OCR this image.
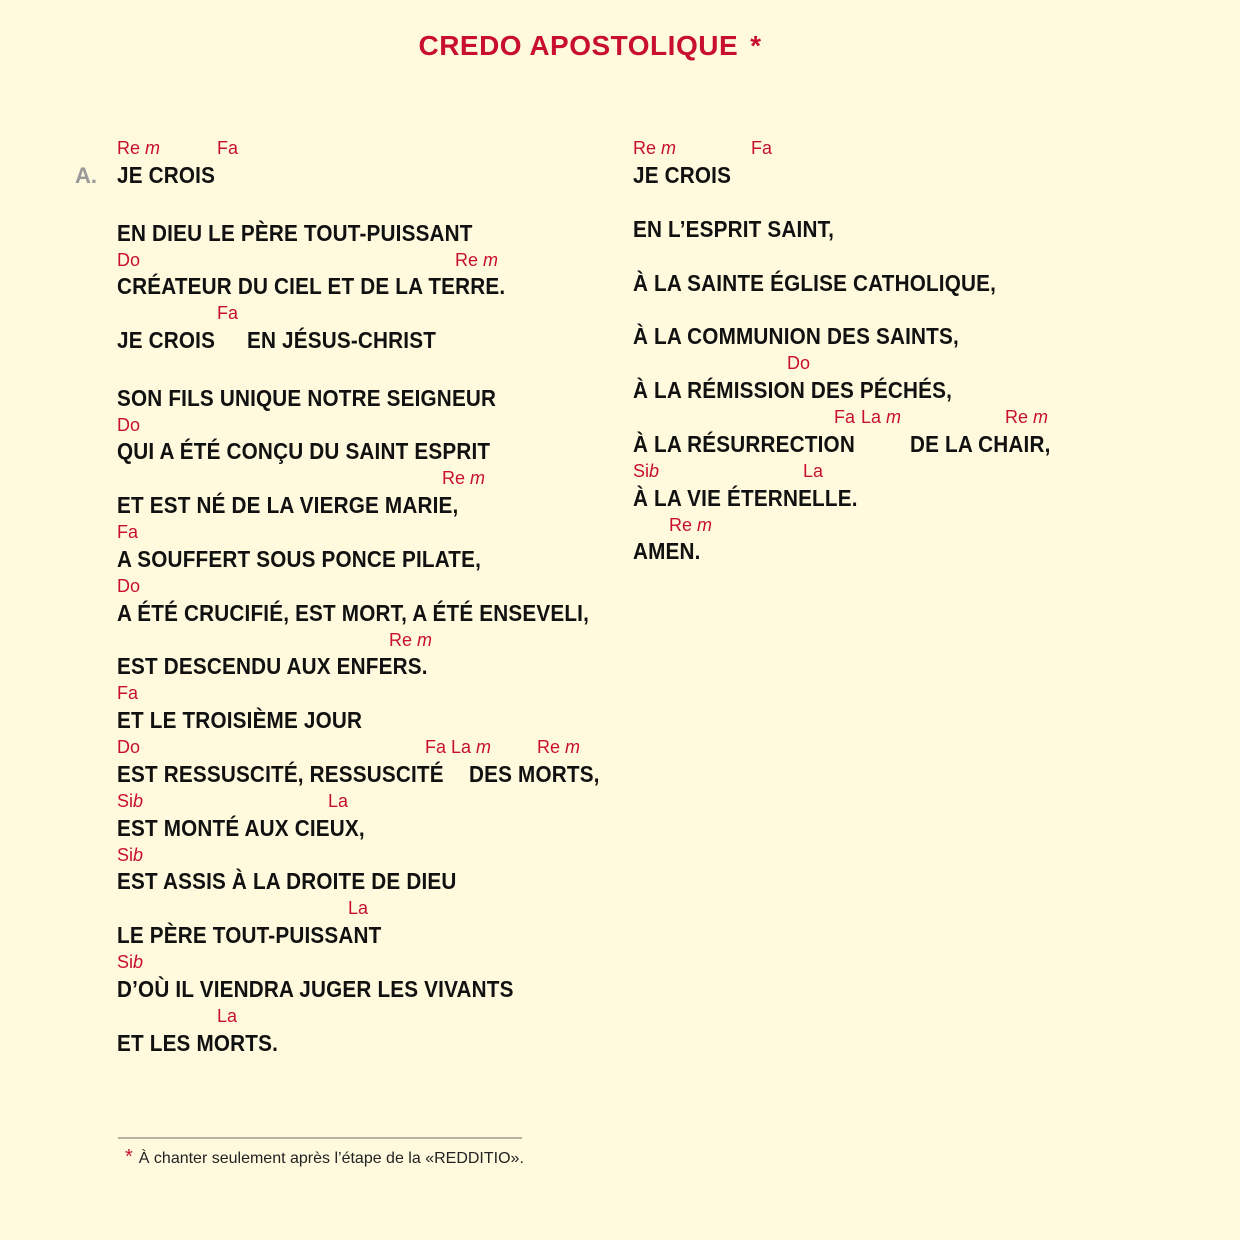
CREDO APOSTOLIQUE *
A. JE CROIS
Re m	Fa
EN DIEU LE PÈRE TOUT-PUISSANT
CRÉATEUR DU CIEL ET DE LA TERRE.
Do	Re m
JE CROIS
Fa
EN JÉSUS-CHRIST
SON FILS UNIQUE NOTRE SEIGNEUR
QUI A ÉTÉ CONÇU DU SAINT ESPRIT
Do
ET EST NÉ DE LA VIERGE MARIE,
Re m
A SOUFFERT SOUS PONCE PILATE,
Fa
A ÉTÉ CRUCIFIÉ, EST MORT, A ÉTÉ ENSEVELI,
Do
EST DESCENDU AUX ENFERS.
Re m
ET LE TROISIÈME JOUR
Fa
EST RESSUSCITÉ, RESSUSCITÉ
Do	Fa La m	Re m
DES MORTS,
EST MONTÉ AUX CIEUX,
Sib	La
EST ASSIS À LA DROITE DE DIEU
Sib
LE PÈRE TOUT-PUISSANT
La
D’OÙ IL VIENDRA JUGER LES VIVANTS
Sib
ET LES MORTS.
La
JE CROIS
Re m	Fa
EN L’ESPRIT SAINT,
À LA SAINTE ÉGLISE CATHOLIQUE,
À LA COMMUNION DES SAINTS,
À LA RÉMISSION DES PÉCHÉS,
Do
À LA RÉSURRECTION
Fa La m	Re m
DE LA CHAIR,
À LA VIE ÉTERNELLE.
Sib	La
AMEN.
Re m
* À chanter seulement après l’étape de la «REDDITIO».
